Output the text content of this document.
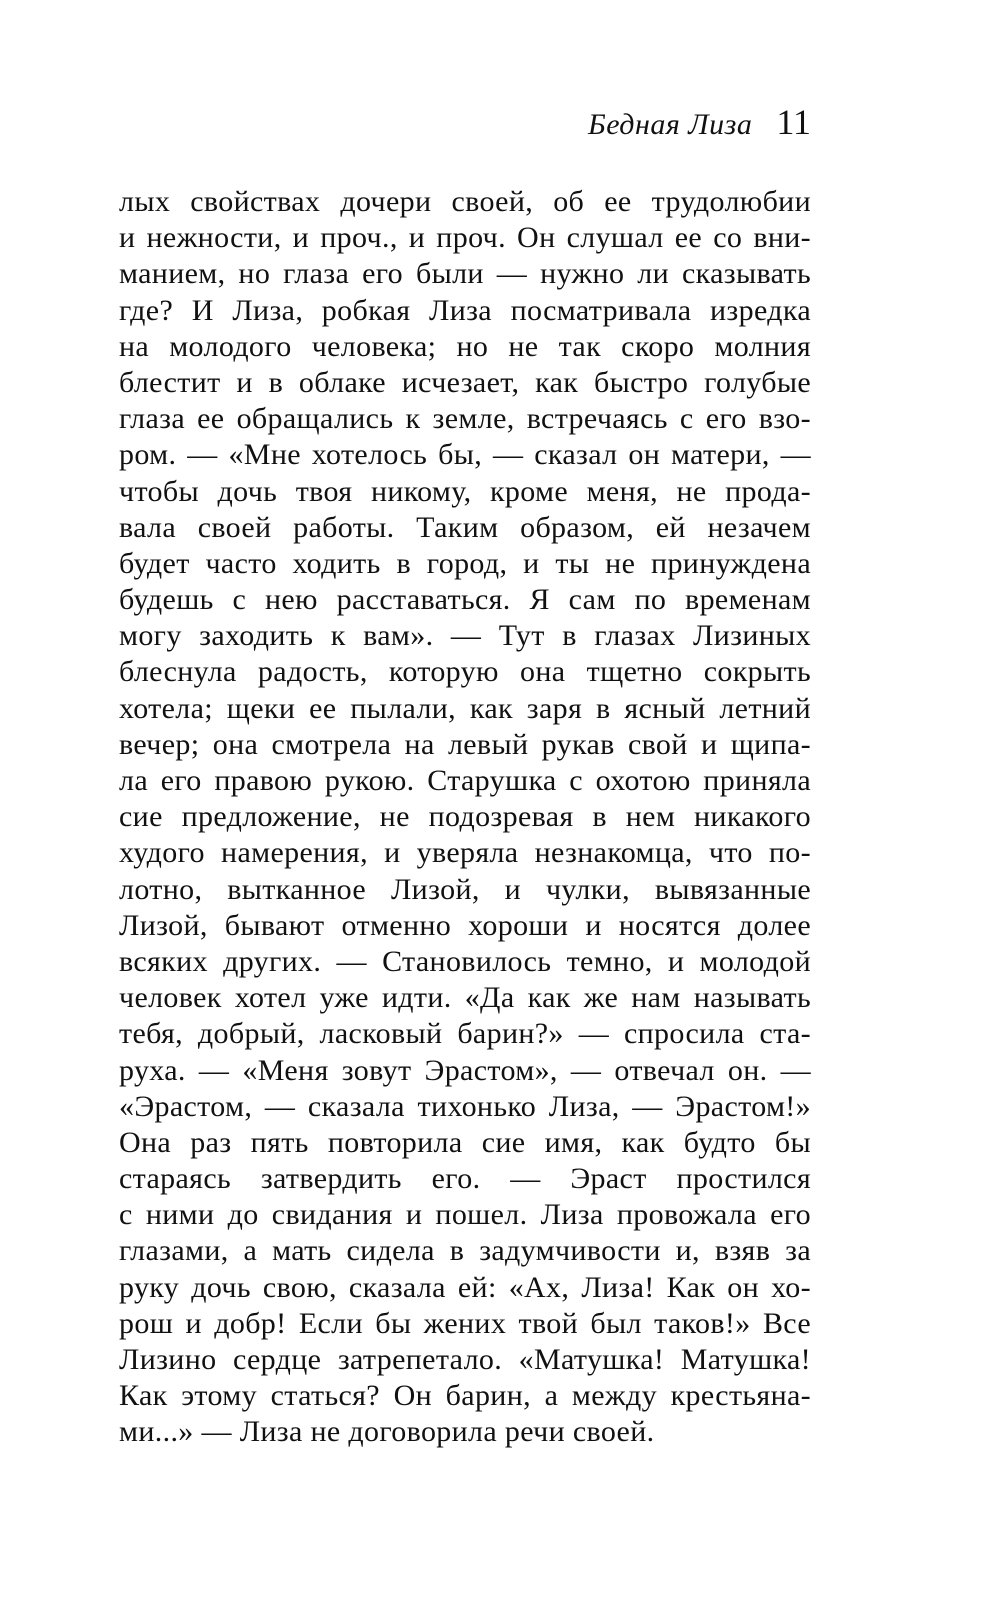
Бедная Лиза 11
лых свойствах дочери своей, об ее трудолюбии
и нежности, и проч., и проч. Он слушал ее со вни-
манием, но глаза его были — нужно ли сказывать
где? И Лиза, робкая Лиза посматривала изредка
на молодого человека; но не так скоро молния
блестит и в облаке исчезает, как быстро голубые
глаза ее обращались к земле, встречаясь с его взо-
ром. — «Мне хотелось бы, — сказал он матери, —
чтобы дочь твоя никому, кроме меня, не прода-
вала своей работы. Таким образом, ей незачем
будет часто ходить в город, и ты не принуждена
будешь с нею расставаться. Я сам по временам
могу заходить к вам». — Тут в глазах Лизиных
блеснула радость, которую она тщетно сокрыть
хотела; щеки ее пылали, как заря в ясный летний
вечер; она смотрела на левый рукав свой и щипа-
ла его правою рукою. Старушка с охотою приняла
сие предложение, не подозревая в нем никакого
худого намерения, и уверяла незнакомца, что по-
лотно, вытканное Лизой, и чулки, вывязанные
Лизой, бывают отменно хороши и носятся долее
всяких других. — Становилось темно, и молодой
человек хотел уже идти. «Да как же нам называть
тебя, добрый, ласковый барин?» — спросила ста-
руха. — «Меня зовут Эрастом», — отвечал он. —
«Эрастом, — сказала тихонько Лиза, — Эрастом!»
Она раз пять повторила сие имя, как будто бы
стараясь затвердить его. — Эраст простился
с ними до свидания и пошел. Лиза провожала его
глазами, а мать сидела в задумчивости и, взяв за
руку дочь свою, сказала ей: «Ах, Лиза! Как он хо-
рош и добр! Если бы жених твой был таков!» Все
Лизино сердце затрепетало. «Матушка! Матушка!
Как этому статься? Он барин, а между крестьяна-
ми...» — Лиза не договорила речи своей.
